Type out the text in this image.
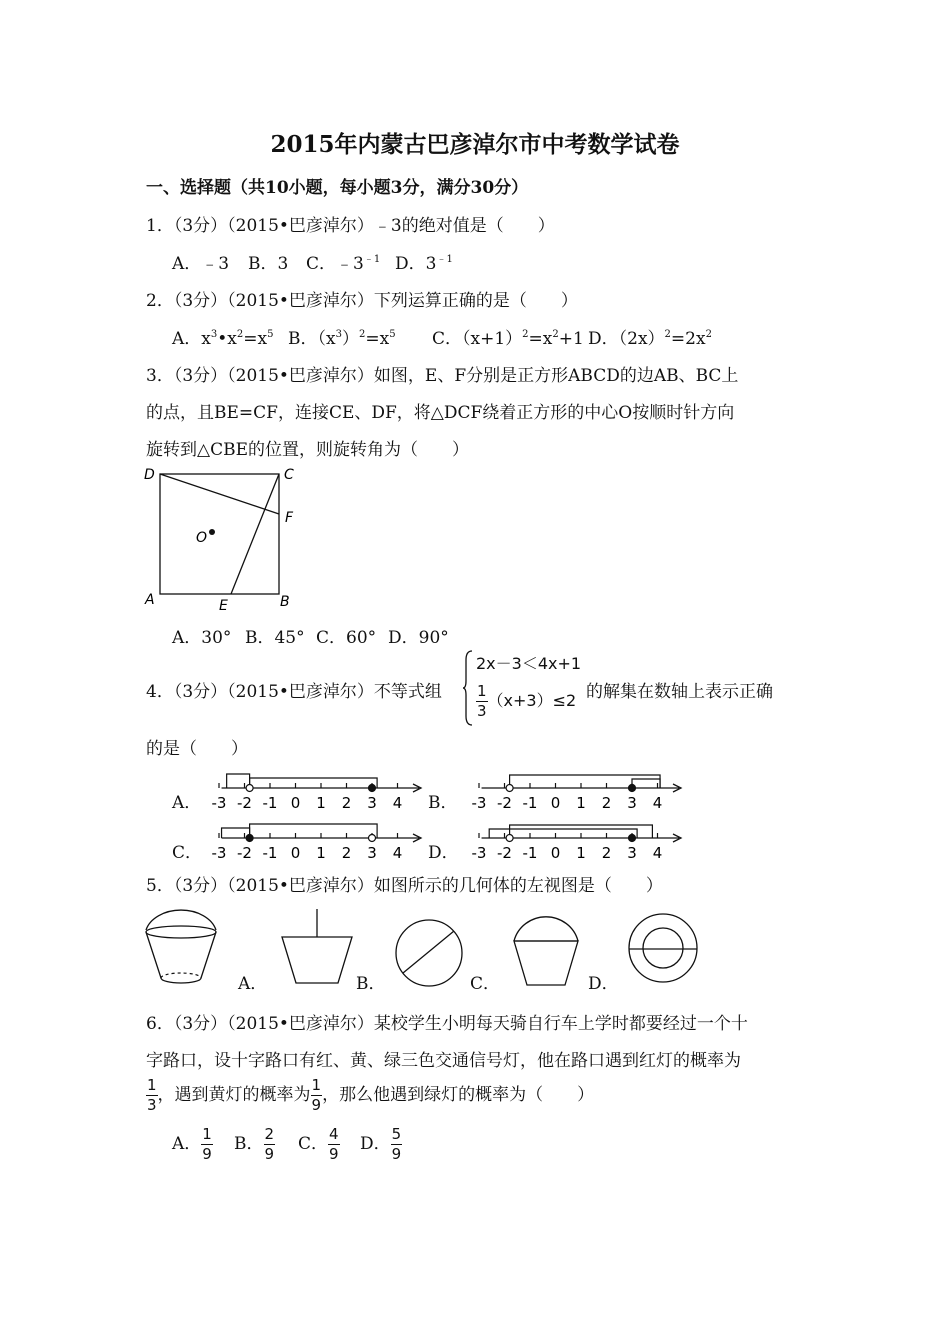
2015年内蒙古巴彦淖尔市中考数学试卷
一、选择题（共10小题，每小题3分，满分30分）
1．（3分）（2015•巴彦淖尔）﹣3的绝对值是（　　）
A．﹣3 B．3 C．$﹣3^{﹣1}$ D．$3^{﹣1}$
2．（3分）（2015•巴彦淖尔）下列运算正确的是（　　）
A．$x^3•x^2=x^5$ B．$(x^3)^2=x^5$ C．$(x+1)^2=x^2+1$ D．$(2x)^2=2x^2$
3．（3分）（2015•巴彦淖尔）如图，E、F分别是正方形ABCD的边AB、BC上
的点，且BE=CF，连接CE、DF，将△DCF绕着正方形的中心O按顺时针方向
旋转到△CBE的位置，则旋转角为（　　）
D	C
F
O
A	E	B
A．30° B．45° C．60° D．90°
4．（3分）（2015•巴彦淖尔）不等式组
2x－3＜4x+1
$\frac{1}{3} (x+3)\le 2$ 的解集在数轴上表示正确
的是（　　）
A．	B．
C．	D．
-3 -2 -1 0 1 2 3 4	-3 -2 -1 0 1 2 3 4
-3 -2 -1 0 1 2 3 4	-3 -2 -1 0 1 2 3 4
5．（3分）（2015•巴彦淖尔）如图所示的几何体的左视图是（　　）
A．	B．	C．	D．
6．（3分）（2015•巴彦淖尔）某校学生小明每天骑自行车上学时都要经过一个十
字路口，设十字路口有红、黄、绿三色交通信号灯，他在路口遇到红灯的概率为
$\frac{1}{3}$ ，遇到黄灯的概率为 $\frac{1}{9}$ ，那么他遇到绿灯的概率为（　　）
A． $\frac{1}{9}$ B． $\frac{2}{9}$ C． $\frac{4}{9}$ D． $\frac{5}{9}$
